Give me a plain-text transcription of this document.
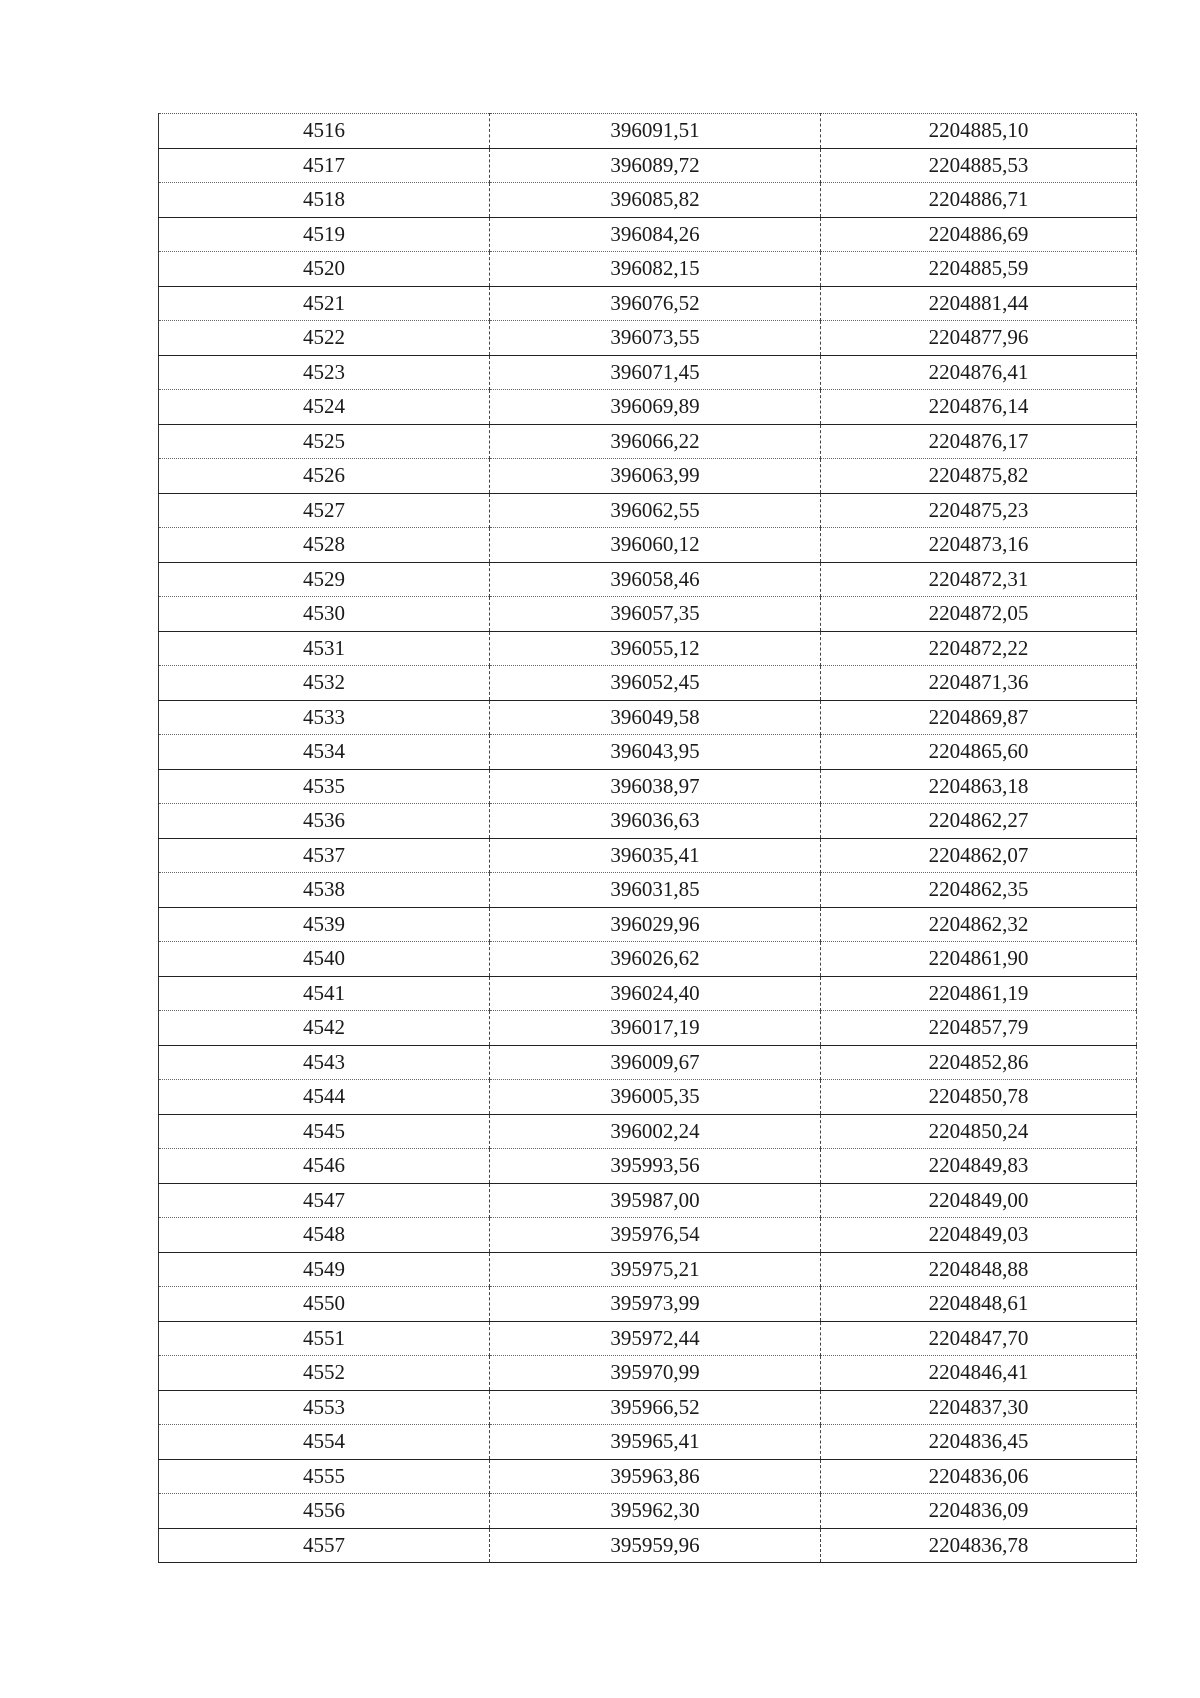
4516	396091,51	2204885,10
4517	396089,72	2204885,53
4518	396085,82	2204886,71
4519	396084,26	2204886,69
4520	396082,15	2204885,59
4521	396076,52	2204881,44
4522	396073,55	2204877,96
4523	396071,45	2204876,41
4524	396069,89	2204876,14
4525	396066,22	2204876,17
4526	396063,99	2204875,82
4527	396062,55	2204875,23
4528	396060,12	2204873,16
4529	396058,46	2204872,31
4530	396057,35	2204872,05
4531	396055,12	2204872,22
4532	396052,45	2204871,36
4533	396049,58	2204869,87
4534	396043,95	2204865,60
4535	396038,97	2204863,18
4536	396036,63	2204862,27
4537	396035,41	2204862,07
4538	396031,85	2204862,35
4539	396029,96	2204862,32
4540	396026,62	2204861,90
4541	396024,40	2204861,19
4542	396017,19	2204857,79
4543	396009,67	2204852,86
4544	396005,35	2204850,78
4545	396002,24	2204850,24
4546	395993,56	2204849,83
4547	395987,00	2204849,00
4548	395976,54	2204849,03
4549	395975,21	2204848,88
4550	395973,99	2204848,61
4551	395972,44	2204847,70
4552	395970,99	2204846,41
4553	395966,52	2204837,30
4554	395965,41	2204836,45
4555	395963,86	2204836,06
4556	395962,30	2204836,09
4557	395959,96	2204836,78
